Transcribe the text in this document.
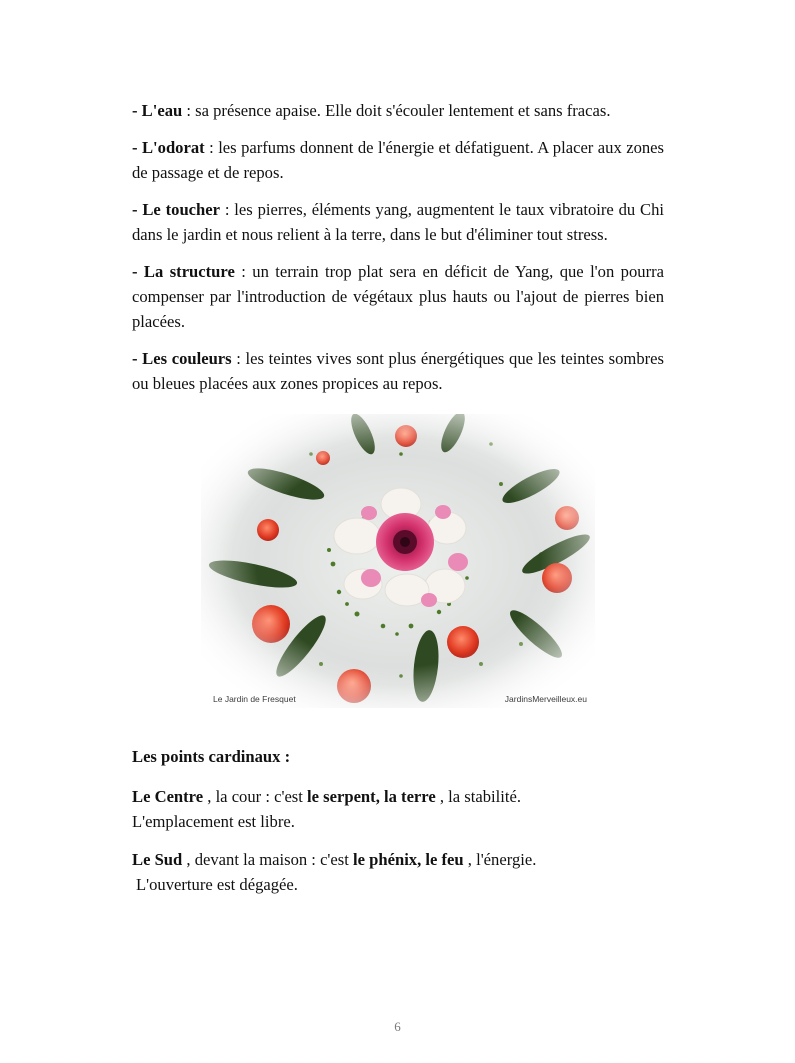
- L'eau : sa présence apaise. Elle doit s'écouler lentement et sans fracas.

- L'odorat : les parfums donnent de l'énergie et défatiguent. A placer aux zones de passage et de repos.

- Le toucher : les pierres, éléments yang, augmentent le taux vibratoire du Chi dans le jardin et nous relient à la terre, dans le but d'éliminer tout stress.

- La structure : un terrain trop plat sera en déficit de Yang, que l'on pourra compenser par l'introduction de végétaux plus hauts ou l'ajout de pierres bien placées.

- Les couleurs : les teintes vives sont plus énergétiques que les teintes sombres ou bleues placées aux zones propices au repos.

Le Jardin de Fresquet	JardinsMerveilleux.eu

Les points cardinaux :

Le Centre , la cour : c'est le serpent, la terre , la stabilité.
L'emplacement est libre.

Le Sud , devant la maison : c'est le phénix, le feu , l'énergie.
L'ouverture est dégagée.

6
